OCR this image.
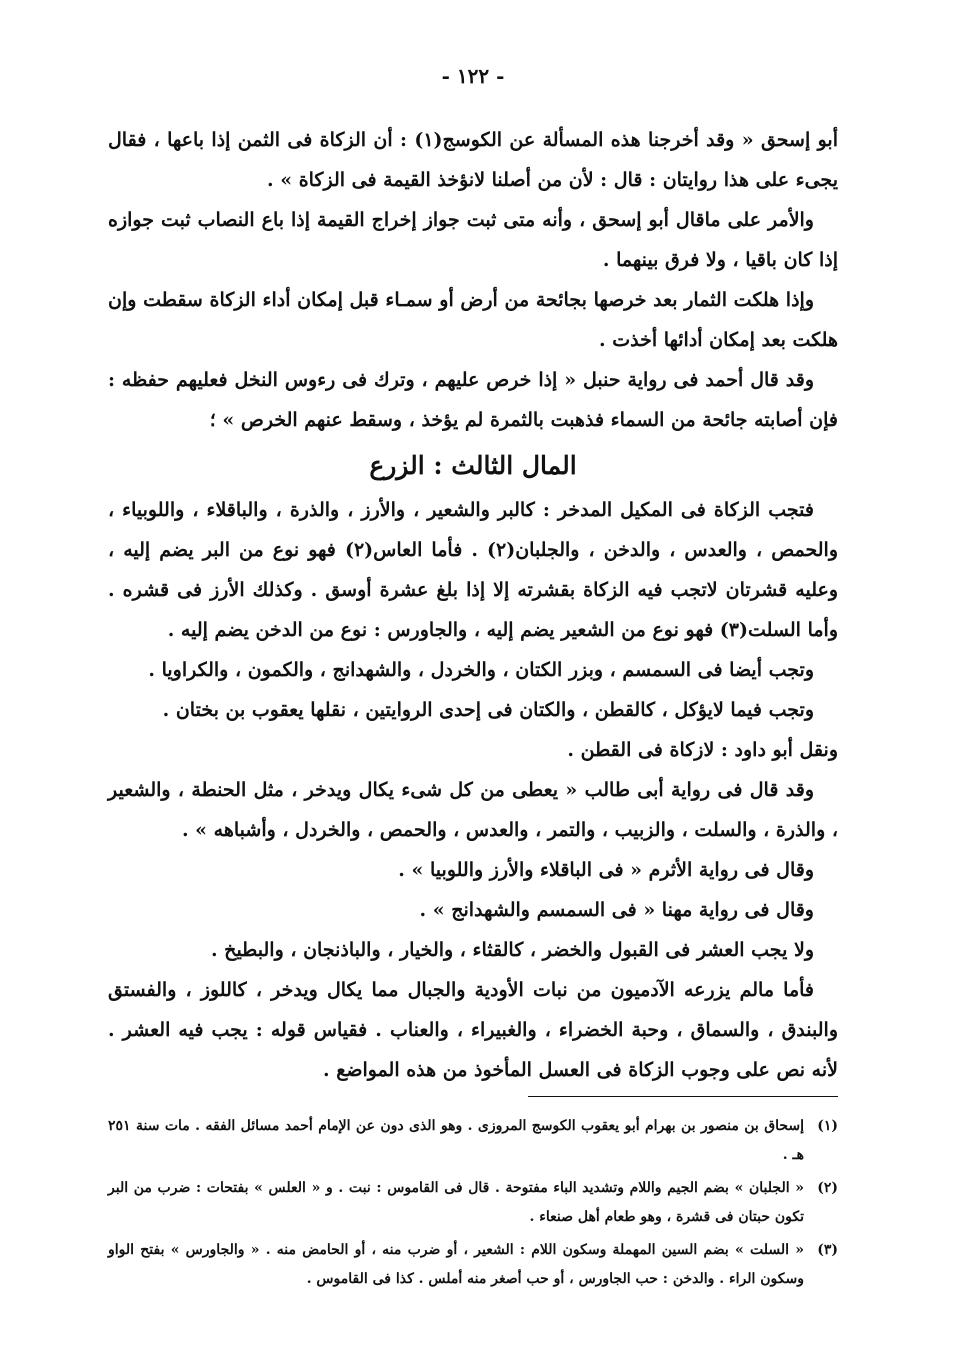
- ١٢٢ -

أبو إسحق « وقد أخرجنا هذه المسألة عن الكوسج(١) : أن الزكاة فى الثمن إذا باعها ، فقال يجىء على هذا روايتان : قال : لأن من أصلنا لانؤخذ القيمة فى الزكاة » .

والأمر على ماقال أبو إسحق ، وأنه متى ثبت جواز إخراج القيمة إذا باع النصاب ثبت جوازه إذا كان باقيا ، ولا فرق بينهما .

وإذا هلكت الثمار بعد خرصها بجائحة من أرض أو سمـاء قبل إمكان أداء الزكاة سقطت وإن هلكت بعد إمكان أدائها أخذت .

وقد قال أحمد فى رواية حنبل « إذا خرص عليهم ، وترك فى رءوس النخل فعليهم حفظه : فإن أصابته جائحة من السماء فذهبت بالثمرة لم يؤخذ ، وسقط عنهم الخرص » ؛

المال الثالث : الزرع

فتجب الزكاة فى المكيل المدخر : كالبر والشعير ، والأرز ، والذرة ، والباقلاء ، واللوبياء ، والحمص ، والعدس ، والدخن ، والجلبان(٢) . فأما العاس(٢) فهو نوع من البر يضم إليه ، وعليه قشرتان لاتجب فيه الزكاة بقشرته إلا إذا بلغ عشرة أوسق . وكذلك الأرز فى قشره . وأما السلت(٣) فهو نوع من الشعير يضم إليه ، والجاورس : نوع من الدخن يضم إليه .

وتجب أيضا فى السمسم ، وبزر الكتان ، والخردل ، والشهدانج ، والكمون ، والكراويا .

وتجب فيما لايؤكل ، كالقطن ، والكتان فى إحدى الروايتين ، نقلها يعقوب بن بختان .

ونقل أبو داود : لازكاة فى القطن .

وقد قال فى رواية أبى طالب « يعطى من كل شىء يكال ويدخر ، مثل الحنطة ، والشعير ، والذرة ، والسلت ، والزبيب ، والتمر ، والعدس ، والحمص ، والخردل ، وأشباهه » .

وقال فى رواية الأثرم « فى الباقلاء والأرز واللوبيا » .

وقال فى رواية مهنا « فى السمسم والشهدانج » .

ولا يجب العشر فى القبول والخضر ، كالقثاء ، والخيار ، والباذنجان ، والبطيخ .

فأما مالم يزرعه الآدميون من نبات الأودية والجبال مما يكال ويدخر ، كاللوز ، والفستق والبندق ، والسماق ، وحبة الخضراء ، والغبيراء ، والعناب . فقياس قوله : يجب فيه العشر . لأنه نص على وجوب الزكاة فى العسل المأخوذ من هذه المواضع .

(١)
إسحاق بن منصور بن بهرام أبو يعقوب الكوسج المروزى . وهو الذى دون عن الإمام أحمد مسائل الفقه . مات سنة ٢٥١ هـ .
(٢)
« الجلبان » بضم الجيم واللام وتشديد الباء مفتوحة . قال فى القاموس : نبت . و « العلس » بفتحات : ضرب من البر تكون حبتان فى قشرة ، وهو طعام أهل صنعاء .
(٣)
« السلت » بضم السين المهملة وسكون اللام : الشعير ، أو ضرب منه ، أو الحامض منه . « والجاورس » بفتح الواو وسكون الراء . والدخن : حب الجاورس ، أو حب أصغر منه أملس . كذا فى القاموس .
